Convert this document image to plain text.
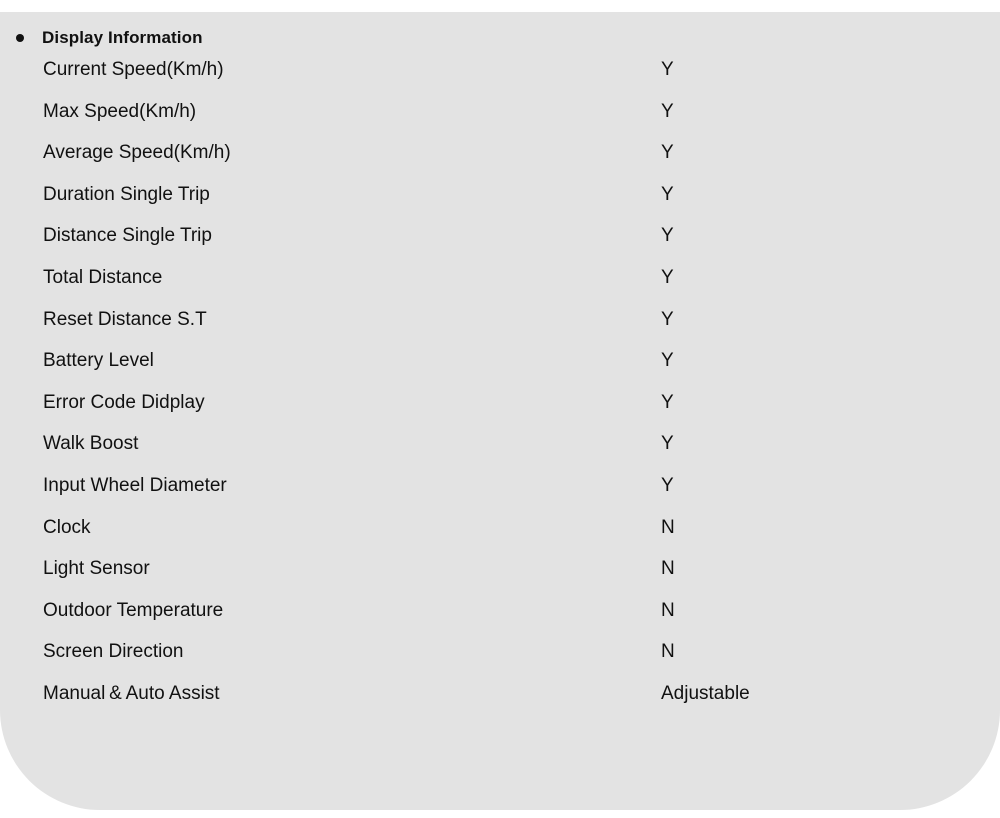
Display Information
Current Speed(Km/h)	Y
Max Speed(Km/h)	Y
Average Speed(Km/h)	Y
Duration Single Trip	Y
Distance Single Trip	Y
Total Distance	Y
Reset Distance S.T	Y
Battery Level	Y
Error Code Didplay	Y
Walk Boost	Y
Input Wheel Diameter	Y
Clock	N
Light Sensor	N
Outdoor Temperature	N
Screen Direction	N
Manual & Auto Assist	Adjustable
